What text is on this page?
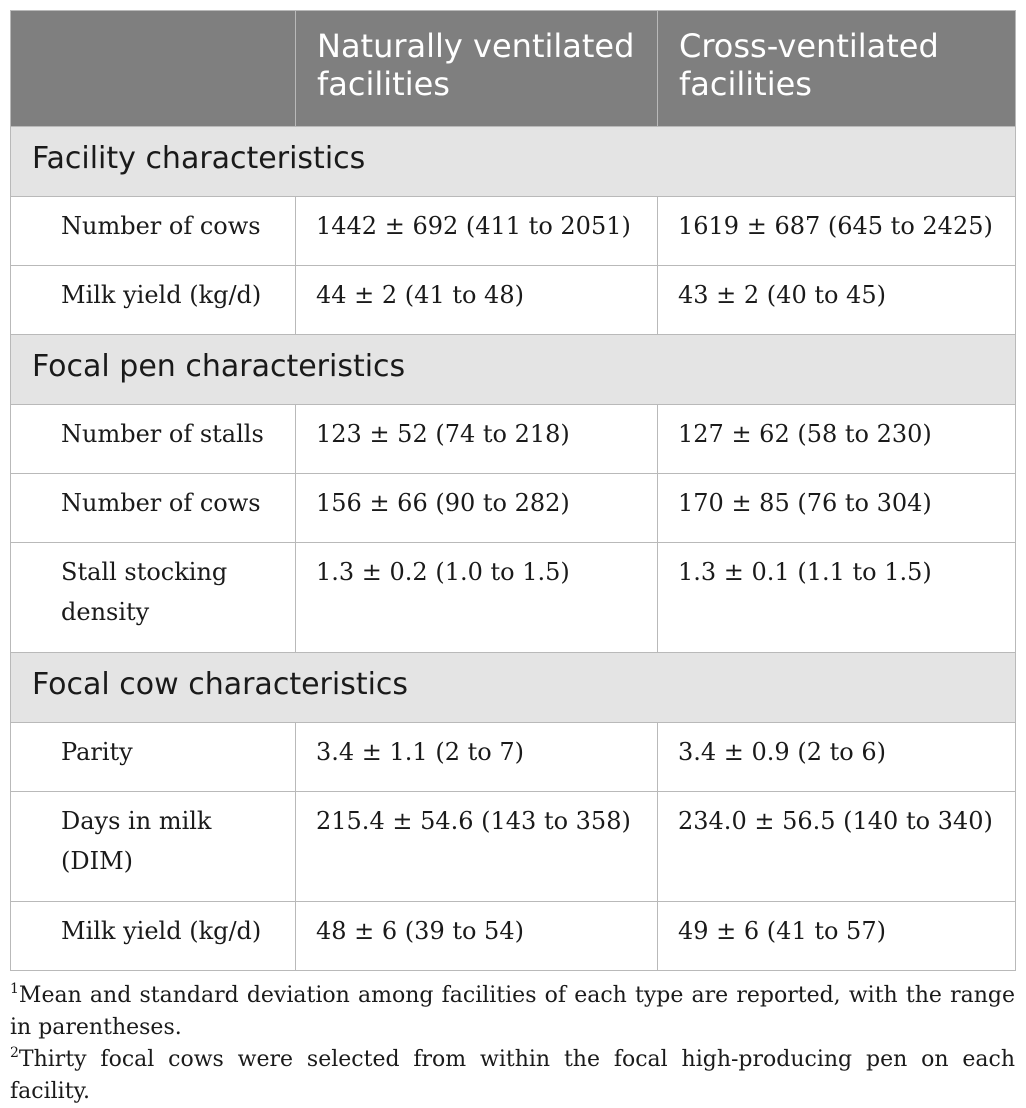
	Naturally ventilated facilities	Cross-ventilated facilities
Facility characteristics		
Number of cows	1442 ± 692 (411 to 2051)	1619 ± 687 (645 to 2425)
Milk yield (kg/d)	44 ± 2 (41 to 48)	43 ± 2 (40 to 45)
Focal pen characteristics		
Number of stalls	123 ± 52 (74 to 218)	127 ± 62 (58 to 230)
Number of cows	156 ± 66 (90 to 282)	170 ± 85 (76 to 304)
Stall stocking density	1.3 ± 0.2 (1.0 to 1.5)	1.3 ± 0.1 (1.1 to 1.5)
Focal cow characteristics		
Parity	3.4 ± 1.1 (2 to 7)	3.4 ± 0.9 (2 to 6)
Days in milk (DIM)	215.4 ± 54.6 (143 to 358)	234.0 ± 56.5 (140 to 340)
Milk yield (kg/d)	48 ± 6 (39 to 54)	49 ± 6 (41 to 57)

$^1$Mean and standard deviation among facilities of each type are reported, with the range in parentheses.

$^2$Thirty focal cows were selected from within the focal high-producing pen on each facility.
